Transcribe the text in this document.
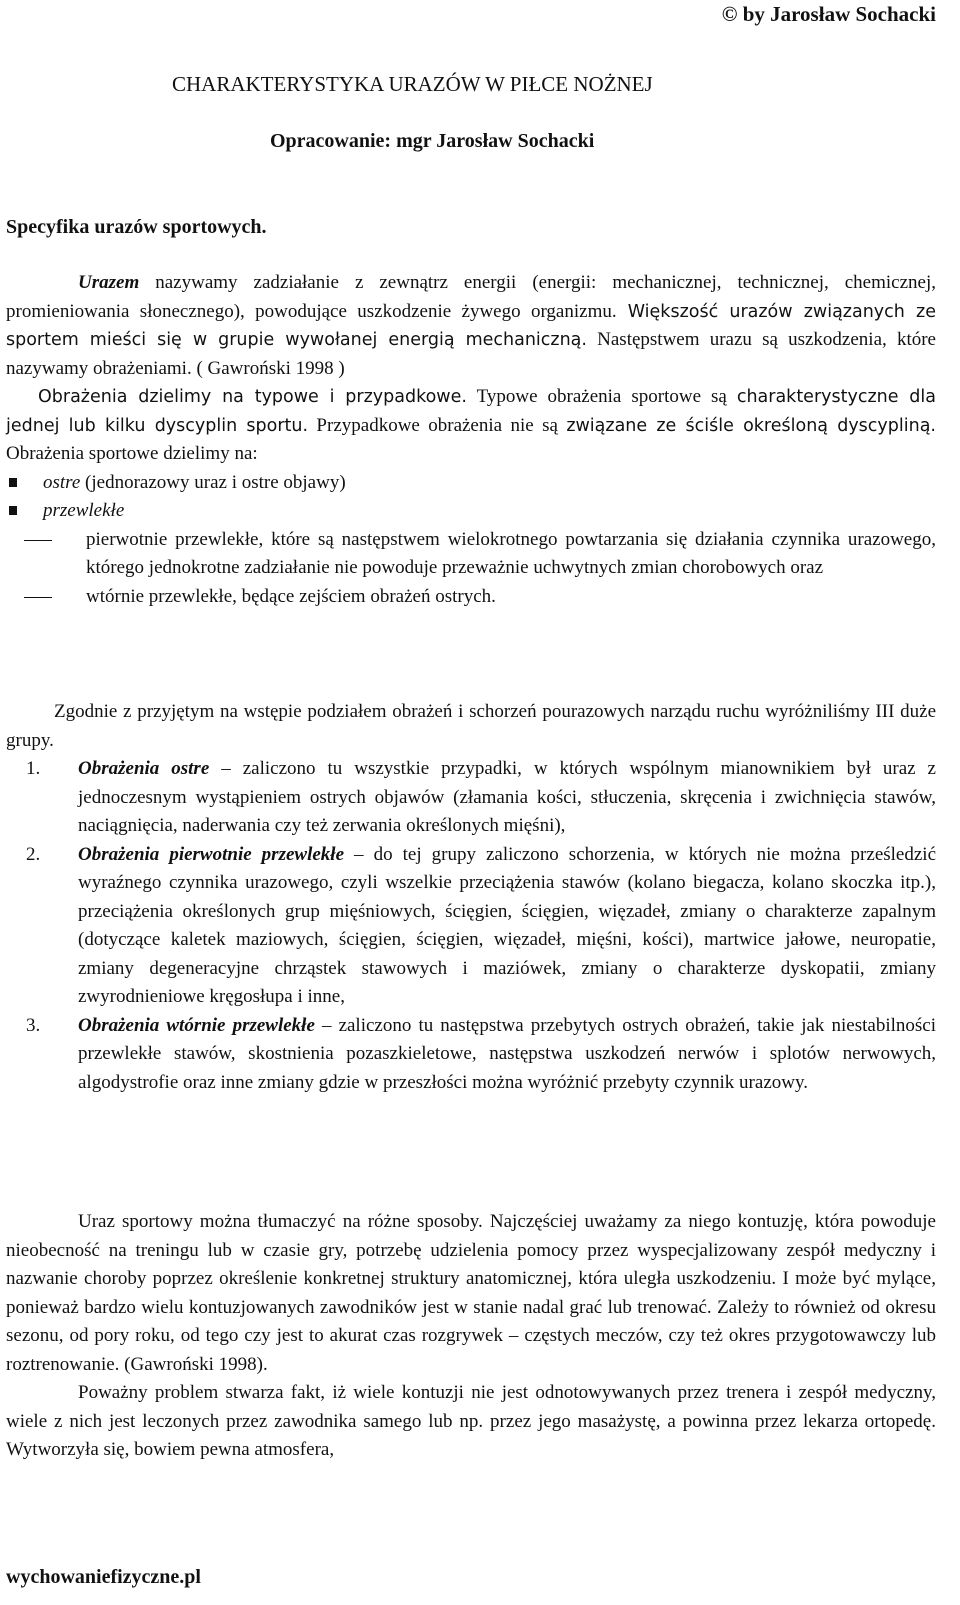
© by Jarosław Sochacki
CHARAKTERYSTYKA URAZÓW W PIŁCE NOŻNEJ
Opracowanie: mgr Jarosław Sochacki
Specyfika urazów sportowych.
Urazem nazywamy zadziałanie z zewnątrz energii (energii: mechanicznej, technicznej, chemicznej, promieniowania słonecznego), powodujące uszkodzenie żywego organizmu. Większość urazów związanych ze sportem mieści się w grupie wywołanej energią mechaniczną. Następstwem urazu są uszkodzenia, które nazywamy obrażeniami. ( Gawroński 1998 )
Obrażenia dzielimy na typowe i przypadkowe. Typowe obrażenia sportowe są charakterystyczne dla jednej lub kilku dyscyplin sportu. Przypadkowe obrażenia nie są związane ze ściśle określoną dyscypliną. Obrażenia sportowe dzielimy na:
ostre (jednorazowy uraz i ostre objawy)
przewlekłe
pierwotnie przewlekłe, które są następstwem wielokrotnego powtarzania się działania czynnika urazowego, którego jednokrotne zadziałanie nie powoduje przeważnie uchwytnych zmian chorobowych oraz
wtórnie przewlekłe, będące zejściem obrażeń ostrych.
Zgodnie z przyjętym na wstępie podziałem obrażeń i schorzeń pourazowych narządu ruchu wyróżniliśmy III duże grupy.
1. Obrażenia ostre – zaliczono tu wszystkie przypadki, w których wspólnym mianownikiem był uraz z jednoczesnym wystąpieniem ostrych objawów (złamania kości, stłuczenia, skręcenia i zwichnięcia stawów, naciągnięcia, naderwania czy też zerwania określonych mięśni),
2. Obrażenia pierwotnie przewlekłe – do tej grupy zaliczono schorzenia, w których nie można prześledzić wyraźnego czynnika urazowego, czyli wszelkie przeciążenia stawów (kolano biegacza, kolano skoczka itp.), przeciążenia określonych grup mięśniowych, ścięgien, ścięgien, więzadeł, zmiany o charakterze zapalnym (dotyczące kaletek maziowych, ścięgien, ścięgien, więzadeł, mięśni, kości), martwice jałowe, neuropatie, zmiany degeneracyjne chrząstek stawowych i maziówek, zmiany o charakterze dyskopatii, zmiany zwyrodnieniowe kręgosłupa i inne,
3. Obrażenia wtórnie przewlekłe – zaliczono tu następstwa przebytych ostrych obrażeń, takie jak niestabilności przewlekłe stawów, skostnienia pozaszkieletowe, następstwa uszkodzeń nerwów i splotów nerwowych, algodystrofie oraz inne zmiany gdzie w przeszłości można wyróżnić przebyty czynnik urazowy.

Uraz sportowy można tłumaczyć na różne sposoby. Najczęściej uważamy za niego kontuzję, która powoduje nieobecność na treningu lub w czasie gry, potrzebę udzielenia pomocy przez wyspecjalizowany zespół medyczny i nazwanie choroby poprzez określenie konkretnej struktury anatomicznej, która uległa uszkodzeniu. I może być mylące, ponieważ bardzo wielu kontuzjowanych zawodników jest w stanie nadal grać lub trenować. Zależy to również od okresu sezonu, od pory roku, od tego czy jest to akurat czas rozgrywek – częstych meczów, czy też okres przygotowawczy lub roztrenowanie. (Gawroński 1998).

Poważny problem stwarza fakt, iż wiele kontuzji nie jest odnotowywanych przez trenera i zespół medyczny, wiele z nich jest leczonych przez zawodnika samego lub np. przez jego masażystę, a powinna przez lekarza ortopedę. Wytworzyła się, bowiem pewna atmosfera,

wychowaniefizyczne.pl
